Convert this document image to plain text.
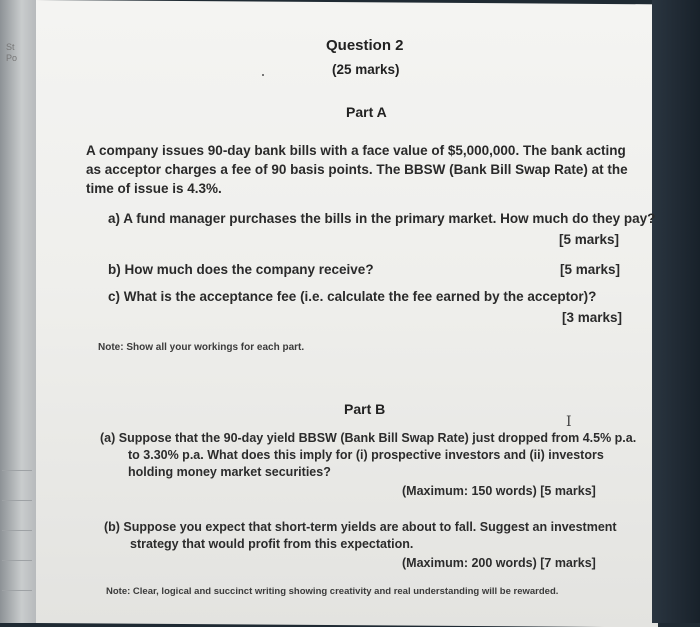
St
Po

Question 2

(25 marks)

Part A

A company issues 90-day bank bills with a face value of $5,000,000. The bank acting

as acceptor charges a fee of 90 basis points. The BBSW (Bank Bill Swap Rate) at the

time of issue is 4.3%.

a) A fund manager purchases the bills in the primary market. How much do they pay?

[5 marks]

b) How much does the company receive?	[5 marks]

c) What is the acceptance fee (i.e. calculate the fee earned by the acceptor)?

[3 marks]

Note: Show all your workings for each part.

Part B

I

(a) Suppose that the 90-day yield BBSW (Bank Bill Swap Rate) just dropped from 4.5% p.a.

to 3.30% p.a. What does this imply for (i) prospective investors and (ii) investors

holding money market securities?

(Maximum: 150 words) [5 marks]

(b) Suppose you expect that short-term yields are about to fall. Suggest an investment

strategy that would profit from this expectation.

(Maximum: 200 words) [7 marks]

Note: Clear, logical and succinct writing showing creativity and real understanding will be rewarded.
